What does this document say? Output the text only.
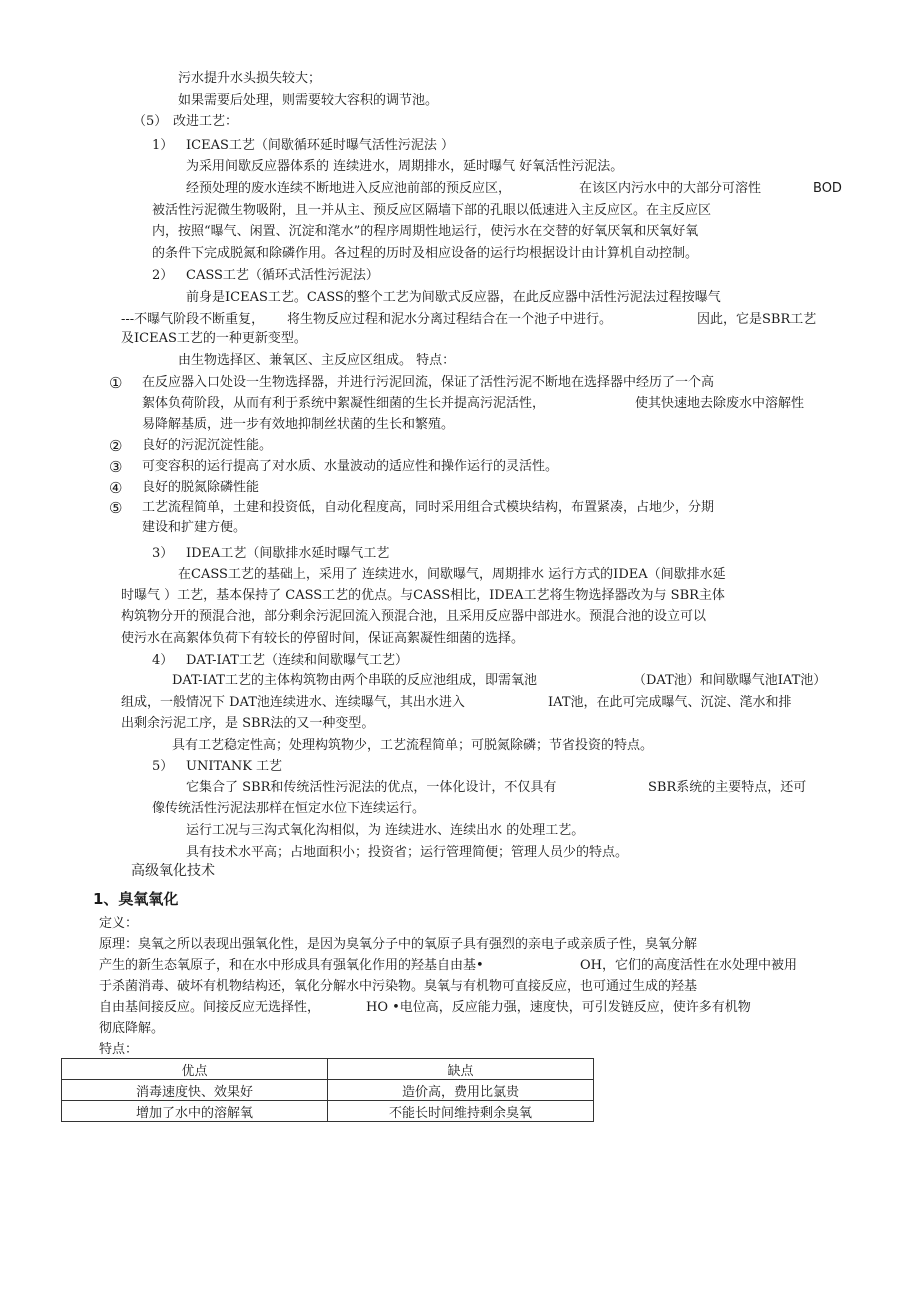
污水提升水头损失较大；
如果需要后处理，则需要较大容积的调节池。
（5） 改进工艺：
1） ICEAS工艺（间歇循环延时曝气活性污泥法 ）
为采用间歇反应器体系的 连续进水，周期排水，延时曝气 好氧活性污泥法。
经预处理的废水连续不断地进入反应池前部的预反应区，	在该区内污水中的大部分可溶性	BOD
被活性污泥微生物吸附，且一并从主、预反应区隔墙下部的孔眼以低速进入主反应区。在主反应区
内，按照“曝气、闲置、沉淀和滗水”的程序周期性地运行，使污水在交替的好氧厌氧和厌氧好氧
的条件下完成脱氮和除磷作用。各过程的历时及相应设备的运行均根据设计由计算机自动控制。
2） CASS工艺（循环式活性污泥法）
前身是ICEAS工艺。CASS的整个工艺为间歇式反应器，在此反应器中活性污泥法过程按曝气
---不曝气阶段不断重复， 将生物反应过程和泥水分离过程结合在一个池子中进行。	因此，它是SBR工艺
及ICEAS工艺的一种更新变型。
由生物选择区、兼氧区、主反应区组成。 特点：
① 在反应器入口处设一生物选择器，并进行污泥回流，保证了活性污泥不断地在选择器中经历了一个高
絮体负荷阶段，从而有利于系统中絮凝性细菌的生长并提高污泥活性，	使其快速地去除废水中溶解性
易降解基质，进一步有效地抑制丝状菌的生长和繁殖。
② 良好的污泥沉淀性能。
③ 可变容积的运行提高了对水质、水量波动的适应性和操作运行的灵活性。
④ 良好的脱氮除磷性能
⑤ 工艺流程简单，土建和投资低，自动化程度高，同时采用组合式模块结构，布置紧凑，占地少，分期
建设和扩建方便。
3） IDEA工艺（间歇排水延时曝气工艺
在CASS工艺的基础上，采用了 连续进水，间歇曝气，周期排水 运行方式的IDEA（间歇排水延
时曝气 ）工艺，基本保持了 CASS工艺的优点。与CASS相比，IDEA工艺将生物选择器改为与 SBR主体
构筑物分开的预混合池，部分剩余污泥回流入预混合池，且采用反应器中部进水。预混合池的设立可以
使污水在高絮体负荷下有较长的停留时间，保证高絮凝性细菌的选择。
4） DAT-IAT工艺（连续和间歇曝气工艺）
DAT-IAT工艺的主体构筑物由两个串联的反应池组成，即需氧池	（DAT池）和间歇曝气池IAT池）
组成，一般情况下 DAT池连续进水、连续曝气，其出水进入	IAT池，在此可完成曝气、沉淀、滗水和排
出剩余污泥工序，是 SBR法的又一种变型。
具有工艺稳定性高；处理构筑物少，工艺流程简单；可脱氮除磷；节省投资的特点。
5） UNITANK 工艺
它集合了 SBR和传统活性污泥法的优点，一体化设计，不仅具有	SBR系统的主要特点，还可
像传统活性污泥法那样在恒定水位下连续运行。
运行工况与三沟式氧化沟相似，为 连续进水、连续出水 的处理工艺。
具有技术水平高；占地面积小；投资省；运行管理简便；管理人员少的特点。
高级氧化技术
1、臭氧氧化
定义：
原理：臭氧之所以表现出强氧化性，是因为臭氧分子中的氧原子具有强烈的亲电子或亲质子性，臭氧分解
产生的新生态氧原子，和在水中形成具有强氧化作用的羟基自由基•	OH，它们的高度活性在水处理中被用
于杀菌消毒、破坏有机物结构还，氧化分解水中污染物。臭氧与有机物可直接反应，也可通过生成的羟基
自由基间接反应。间接反应无选择性，	HO •电位高，反应能力强，速度快，可引发链反应，使许多有机物
彻底降解。
特点：
优点	缺点
消毒速度快、效果好	造价高，费用比氯贵
增加了水中的溶解氧	不能长时间维持剩余臭氧
